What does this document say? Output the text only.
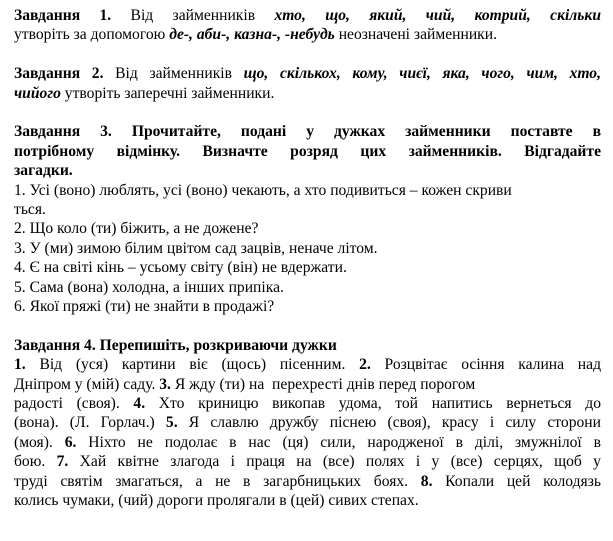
Завдання 1. Від займенників хто, що, який, чий, котрий, скільки
утворіть за допомогою де-, аби-, казна-, -небудь неозначені займенники.
Завдання 2. Від займенників що, скількох, кому, чиєї, яка, чого, чим, хто,
чийого утворіть заперечні займенники.
Завдання 3. Прочитайте, подані у дужках займенники поставте в
потрібному відмінку. Визначте розряд цих займенників. Відгадайте
загадки.
1. Усі (воно) люблять, усі (воно) чекають, а хто подивиться – кожен скриви
ться.
2. Що коло (ти) біжить, а не дожене?
3. У (ми) зимою білим цвітом сад зацвів, неначе літом.
4. Є на світі кінь – усьому світу (він) не вдержати.
5. Сама (вона) холодна, а інших припіка.
6. Якої пряжі (ти) не знайти в продажі?
Завдання 4. Перепишіть, розкриваючи дужки
1. Від (уся) картини віє (щось) пісенним. 2. Розцвітає осіння калина над
Дніпром у (мій) саду. 3. Я жду (ти) на  перехресті днів перед порогом
радості (своя). 4. Хто криницю викопав удома, той напитись вернеться до
(вона). (Л. Горлач.) 5. Я славлю дружбу піснею (своя), красу і силу сторони
(моя). 6. Ніхто не подолає в нас (ця) сили, народженої в ділі, змужнілої в
бою. 7. Хай квітне злагода і праця на (все) полях і у (все) серцях, щоб у
труді святім змагаться, а не в загарбницьких боях. 8. Копали цей колодязь
колись чумаки, (чий) дороги пролягали в (цей) сивих степах.
